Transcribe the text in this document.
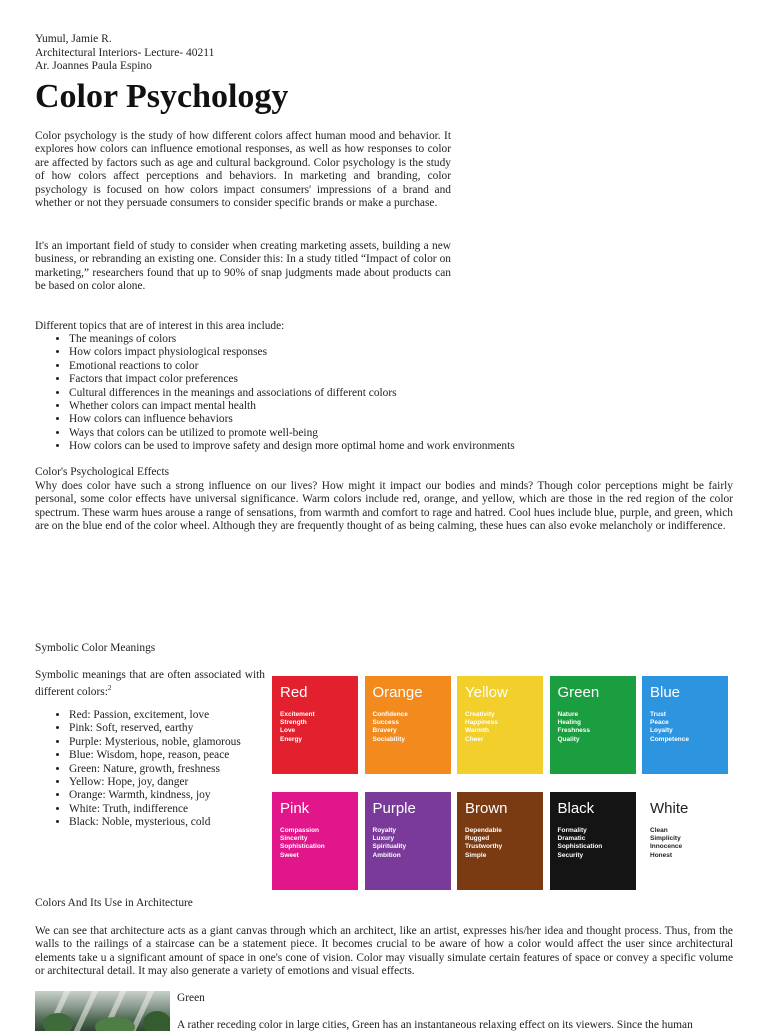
Yumul, Jamie R.
Architectural Interiors- Lecture- 40211
Ar. Joannes Paula Espino
Color Psychology

Color psychology is the study of how different colors affect human mood and behavior. It explores how colors can influence emotional responses, as well as how responses to color are affected by factors such as age and cultural background. Color psychology is the study of how colors affect perceptions and behaviors. In marketing and branding, color psychology is focused on how colors impact consumers' impressions of a brand and whether or not they persuade consumers to consider specific brands or make a purchase.

It's an important field of study to consider when creating marketing assets, building a new business, or rebranding an existing one. Consider this: In a study titled “Impact of color on marketing,” researchers found that up to 90% of snap judgments made about products can be based on color alone.

Different topics that are of interest in this area include:

• The meanings of colors
• How colors impact physiological responses
• Emotional reactions to color
• Factors that impact color preferences
• Cultural differences in the meanings and associations of different colors
• Whether colors can impact mental health
• How colors can influence behaviors
• Ways that colors can be utilized to promote well-being
• How colors can be used to improve safety and design more optimal home and work environments

Color's Psychological Effects

Why does color have such a strong influence on our lives? How might it impact our bodies and minds? Though color perceptions might be fairly personal, some color effects have universal significance. Warm colors include red, orange, and yellow, which are those in the red region of the color spectrum. These warm hues arouse a range of sensations, from warmth and comfort to rage and hatred. Cool hues include blue, purple, and green, which are on the blue end of the color wheel. Although they are frequently thought of as being calming, these hues can also evoke melancholy or indifference.

Symbolic Color Meanings

Symbolic meanings that are often associated with different colors:$^2$

• Red: Passion, excitement, love
• Pink: Soft, reserved, earthy
• Purple: Mysterious, noble, glamorous
• Blue: Wisdom, hope, reason, peace
• Green: Nature, growth, freshness
• Yellow: Hope, joy, danger
• Orange: Warmth, kindness, joy
• White: Truth, indifference
• Black: Noble, mysterious, cold
Red
Excitement
Strength
Love
Energy
Orange
Confidence
Success
Bravery
Sociability
Yellow
Creativity
Happiness
Warmth
Cheer
Green
Nature
Healing
Freshness
Quality
Blue
Trust
Peace
Loyalty
Competence
Pink
Compassion
Sincerity
Sophistication
Sweet
Purple
Royalty
Luxury
Spirituality
Ambition
Brown
Dependable
Rugged
Trustworthy
Simple
Black
Formality
Dramatic
Sophistication
Security
White
Clean
Simplicity
Innocence
Honest

Colors And Its Use in Architecture

We can see that architecture acts as a giant canvas through which an architect, like an artist, expresses his/her idea and thought process. Thus, from the walls to the railings of a staircase can be a statement piece. It becomes crucial to be aware of how a color would affect the user since architectural elements take u a significant amount of space in one's cone of vision. Color may visually simulate certain features of space or convey a specific volume or architectural detail. It may also generate a variety of emotions and visual effects.

Green

A rather receding color in large cities, Green has an instantaneous relaxing effect on its viewers. Since the human
